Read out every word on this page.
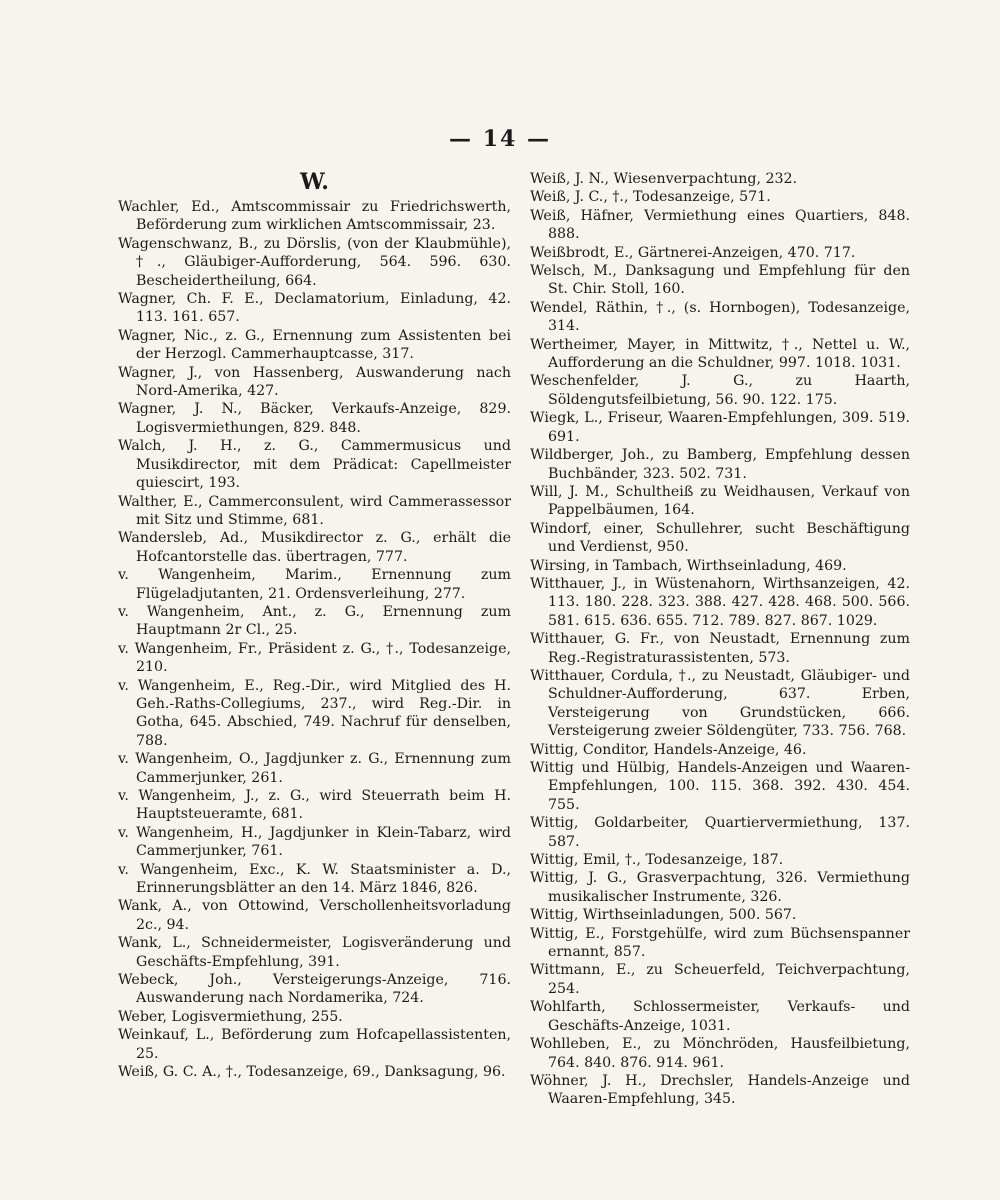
— 14 —
W.

Wachler, Ed., Amtscommissair zu Friedrichswerth, Beförderung zum wirklichen Amtscommissair, 23.

Wagenschwanz, B., zu Dörslis, (von der Klaubmühle), †., Gläubiger-Aufforderung, 564. 596. 630. Bescheidertheilung, 664.

Wagner, Ch. F. E., Declamatorium, Einladung, 42. 113. 161. 657.

Wagner, Nic., z. G., Ernennung zum Assistenten bei der Herzogl. Cammerhauptcasse, 317.

Wagner, J., von Hassenberg, Auswanderung nach Nord-Amerika, 427.

Wagner, J. N., Bäcker, Verkaufs-Anzeige, 829. Logisvermiethungen, 829. 848.

Walch, J. H., z. G., Cammermusicus und Musikdirector, mit dem Prädicat: Capellmeister quiescirt, 193.

Walther, E., Cammerconsulent, wird Cammerassessor mit Sitz und Stimme, 681.

Wandersleb, Ad., Musikdirector z. G., erhält die Hofcantorstelle das. übertragen, 777.

v. Wangenheim, Marim., Ernennung zum Flügeladjutanten, 21. Ordensverleihung, 277.

v. Wangenheim, Ant., z. G., Ernennung zum Hauptmann 2r Cl., 25.

v. Wangenheim, Fr., Präsident z. G., †., Todesanzeige, 210.

v. Wangenheim, E., Reg.-Dir., wird Mitglied des H. Geh.-Raths-Collegiums, 237., wird Reg.-Dir. in Gotha, 645. Abschied, 749. Nachruf für denselben, 788.

v. Wangenheim, O., Jagdjunker z. G., Ernennung zum Cammerjunker, 261.

v. Wangenheim, J., z. G., wird Steuerrath beim H. Hauptsteueramte, 681.

v. Wangenheim, H., Jagdjunker in Klein-Tabarz, wird Cammerjunker, 761.

v. Wangenheim, Exc., K. W. Staatsminister a. D., Erinnerungsblätter an den 14. März 1846, 826.

Wank, A., von Ottowind, Verschollenheitsvorladung 2c., 94.

Wank, L., Schneidermeister, Logisveränderung und Geschäfts-Empfehlung, 391.

Webeck, Joh., Versteigerungs-Anzeige, 716. Auswanderung nach Nordamerika, 724.

Weber, Logisvermiethung, 255.

Weinkauf, L., Beförderung zum Hofcapellassistenten, 25.

Weiß, G. C. A., †., Todesanzeige, 69., Danksagung, 96.

Weiß, J. N., Wiesenverpachtung, 232.

Weiß, J. C., †., Todesanzeige, 571.

Weiß, Häfner, Vermiethung eines Quartiers, 848. 888.

Weißbrodt, E., Gärtnerei-Anzeigen, 470. 717.

Welsch, M., Danksagung und Empfehlung für den St. Chir. Stoll, 160.

Wendel, Räthin, †., (s. Hornbogen), Todesanzeige, 314.

Wertheimer, Mayer, in Mittwitz, †., Nettel u. W., Aufforderung an die Schuldner, 997. 1018. 1031.

Weschenfelder, J. G., zu Haarth, Söldengutsfeilbietung, 56. 90. 122. 175.

Wiegk, L., Friseur, Waaren-Empfehlungen, 309. 519. 691.

Wildberger, Joh., zu Bamberg, Empfehlung dessen Buchbänder, 323. 502. 731.

Will, J. M., Schultheiß zu Weidhausen, Verkauf von Pappelbäumen, 164.

Windorf, einer, Schullehrer, sucht Beschäftigung und Verdienst, 950.

Wirsing, in Tambach, Wirthseinladung, 469.

Witthauer, J., in Wüstenahorn, Wirthsanzeigen, 42. 113. 180. 228. 323. 388. 427. 428. 468. 500. 566. 581. 615. 636. 655. 712. 789. 827. 867. 1029.

Witthauer, G. Fr., von Neustadt, Ernennung zum Reg.-Registraturassistenten, 573.

Witthauer, Cordula, †., zu Neustadt, Gläubiger- und Schuldner-Aufforderung, 637. Erben, Versteigerung von Grundstücken, 666. Versteigerung zweier Söldengüter, 733. 756. 768.

Wittig, Conditor, Handels-Anzeige, 46.

Wittig und Hülbig, Handels-Anzeigen und Waaren-Empfehlungen, 100. 115. 368. 392. 430. 454. 755.

Wittig, Goldarbeiter, Quartiervermiethung, 137. 587.

Wittig, Emil, †., Todesanzeige, 187.

Wittig, J. G., Grasverpachtung, 326. Vermiethung musikalischer Instrumente, 326.

Wittig, Wirthseinladungen, 500. 567.

Wittig, E., Forstgehülfe, wird zum Büchsenspanner ernannt, 857.

Wittmann, E., zu Scheuerfeld, Teichverpachtung, 254.

Wohlfarth, Schlossermeister, Verkaufs- und Geschäfts-Anzeige, 1031.

Wohlleben, E., zu Mönchröden, Hausfeilbietung, 764. 840. 876. 914. 961.

Wöhner, J. H., Drechsler, Handels-Anzeige und Waaren-Empfehlung, 345.
